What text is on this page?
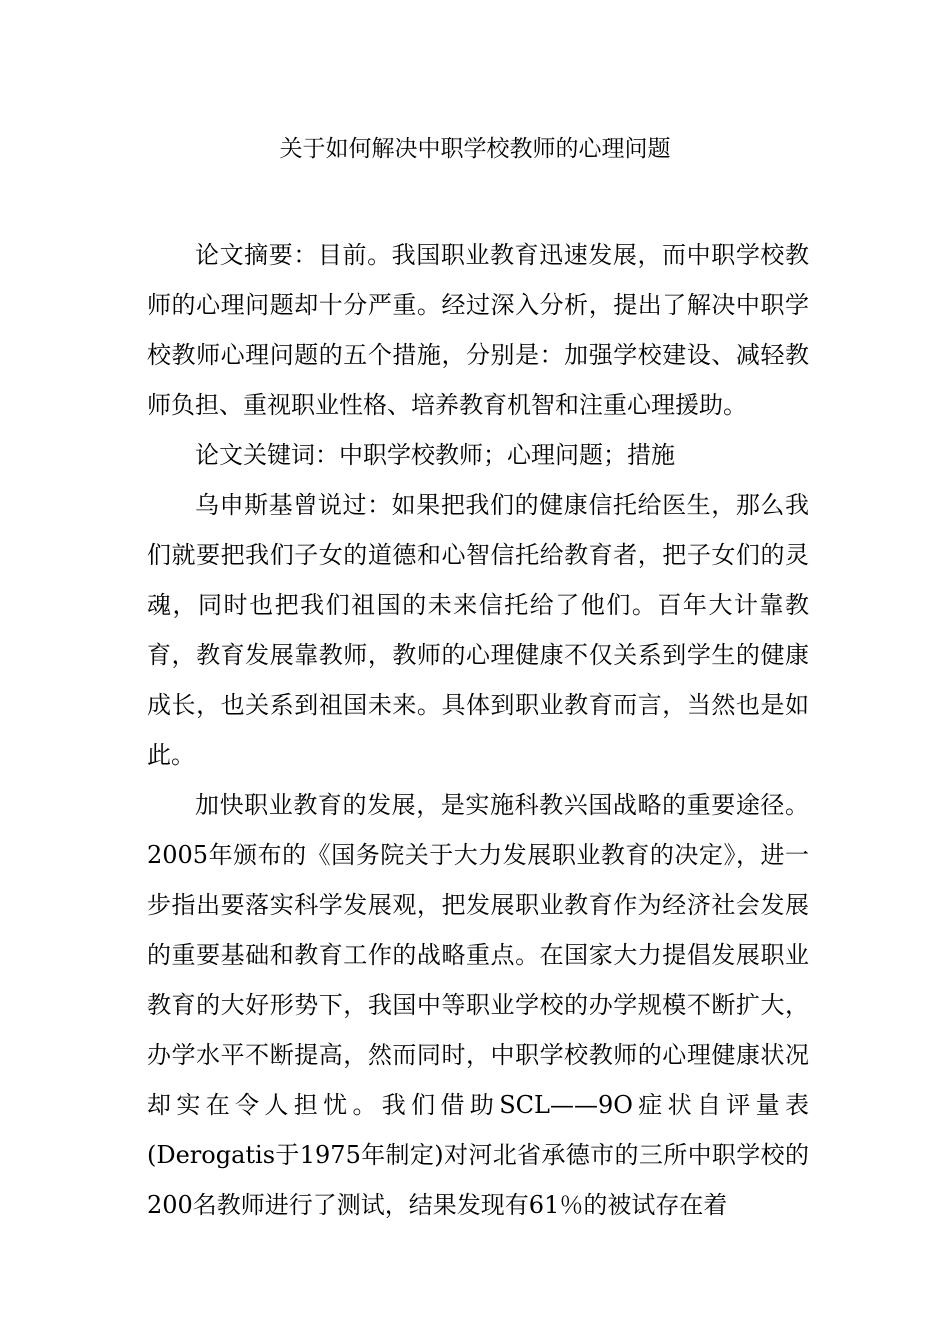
关于如何解决中职学校教师的心理问题

论文摘要：目前。我国职业教育迅速发展，而中职学校教师的心理问题却十分严重。经过深入分析，提出了解决中职学校教师心理问题的五个措施，分别是：加强学校建设、减轻教师负担、重视职业性格、培养教育机智和注重心理援助。

论文关键词：中职学校教师；心理问题；措施

乌申斯基曾说过：如果把我们的健康信托给医生，那么我们就要把我们子女的道德和心智信托给教育者，把子女们的灵魂，同时也把我们祖国的未来信托给了他们。百年大计靠教育，教育发展靠教师，教师的心理健康不仅关系到学生的健康成长，也关系到祖国未来。具体到职业教育而言，当然也是如此。

加快职业教育的发展，是实施科教兴国战略的重要途径。2005年颁布的《国务院关于大力发展职业教育的决定》，进一步指出要落实科学发展观，把发展职业教育作为经济社会发展的重要基础和教育工作的战略重点。在国家大力提倡发展职业教育的大好形势下，我国中等职业学校的办学规模不断扩大，办学水平不断提高，然而同时，中职学校教师的心理健康状况却实在令人担忧。我们借助SCL——9O症状自评量表(Derogatis于1975年制定)对河北省承德市的三所中职学校的200名教师进行了测试，结果发现有61％的被试存在着
